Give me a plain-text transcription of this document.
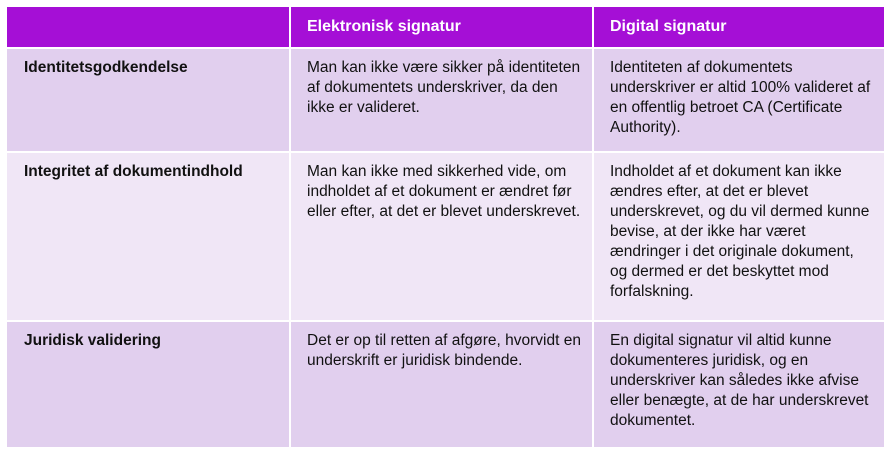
	Elektronisk signatur	Digital signatur
Identitetsgodkendelse	Man kan ikke være sikker på identiteten af dokumentets underskriver, da den ikke er valideret.	Identiteten af dokumentets underskriver er altid 100% valideret af en offentlig betroet CA (Certificate Authority).
Integritet af dokumentindhold	Man kan ikke med sikkerhed vide, om indholdet af et dokument er ændret før eller efter, at det er blevet underskrevet.	Indholdet af et dokument kan ikke ændres efter, at det er blevet underskrevet, og du vil dermed kunne bevise, at der ikke har været ændringer i det originale dokument, og dermed er det beskyttet mod forfalskning.
Juridisk validering	Det er op til retten af afgøre, hvorvidt en underskrift er juridisk bindende.	En digital signatur vil altid kunne dokumenteres juridisk, og en underskriver kan således ikke afvise eller benægte, at de har underskrevet dokumentet.
